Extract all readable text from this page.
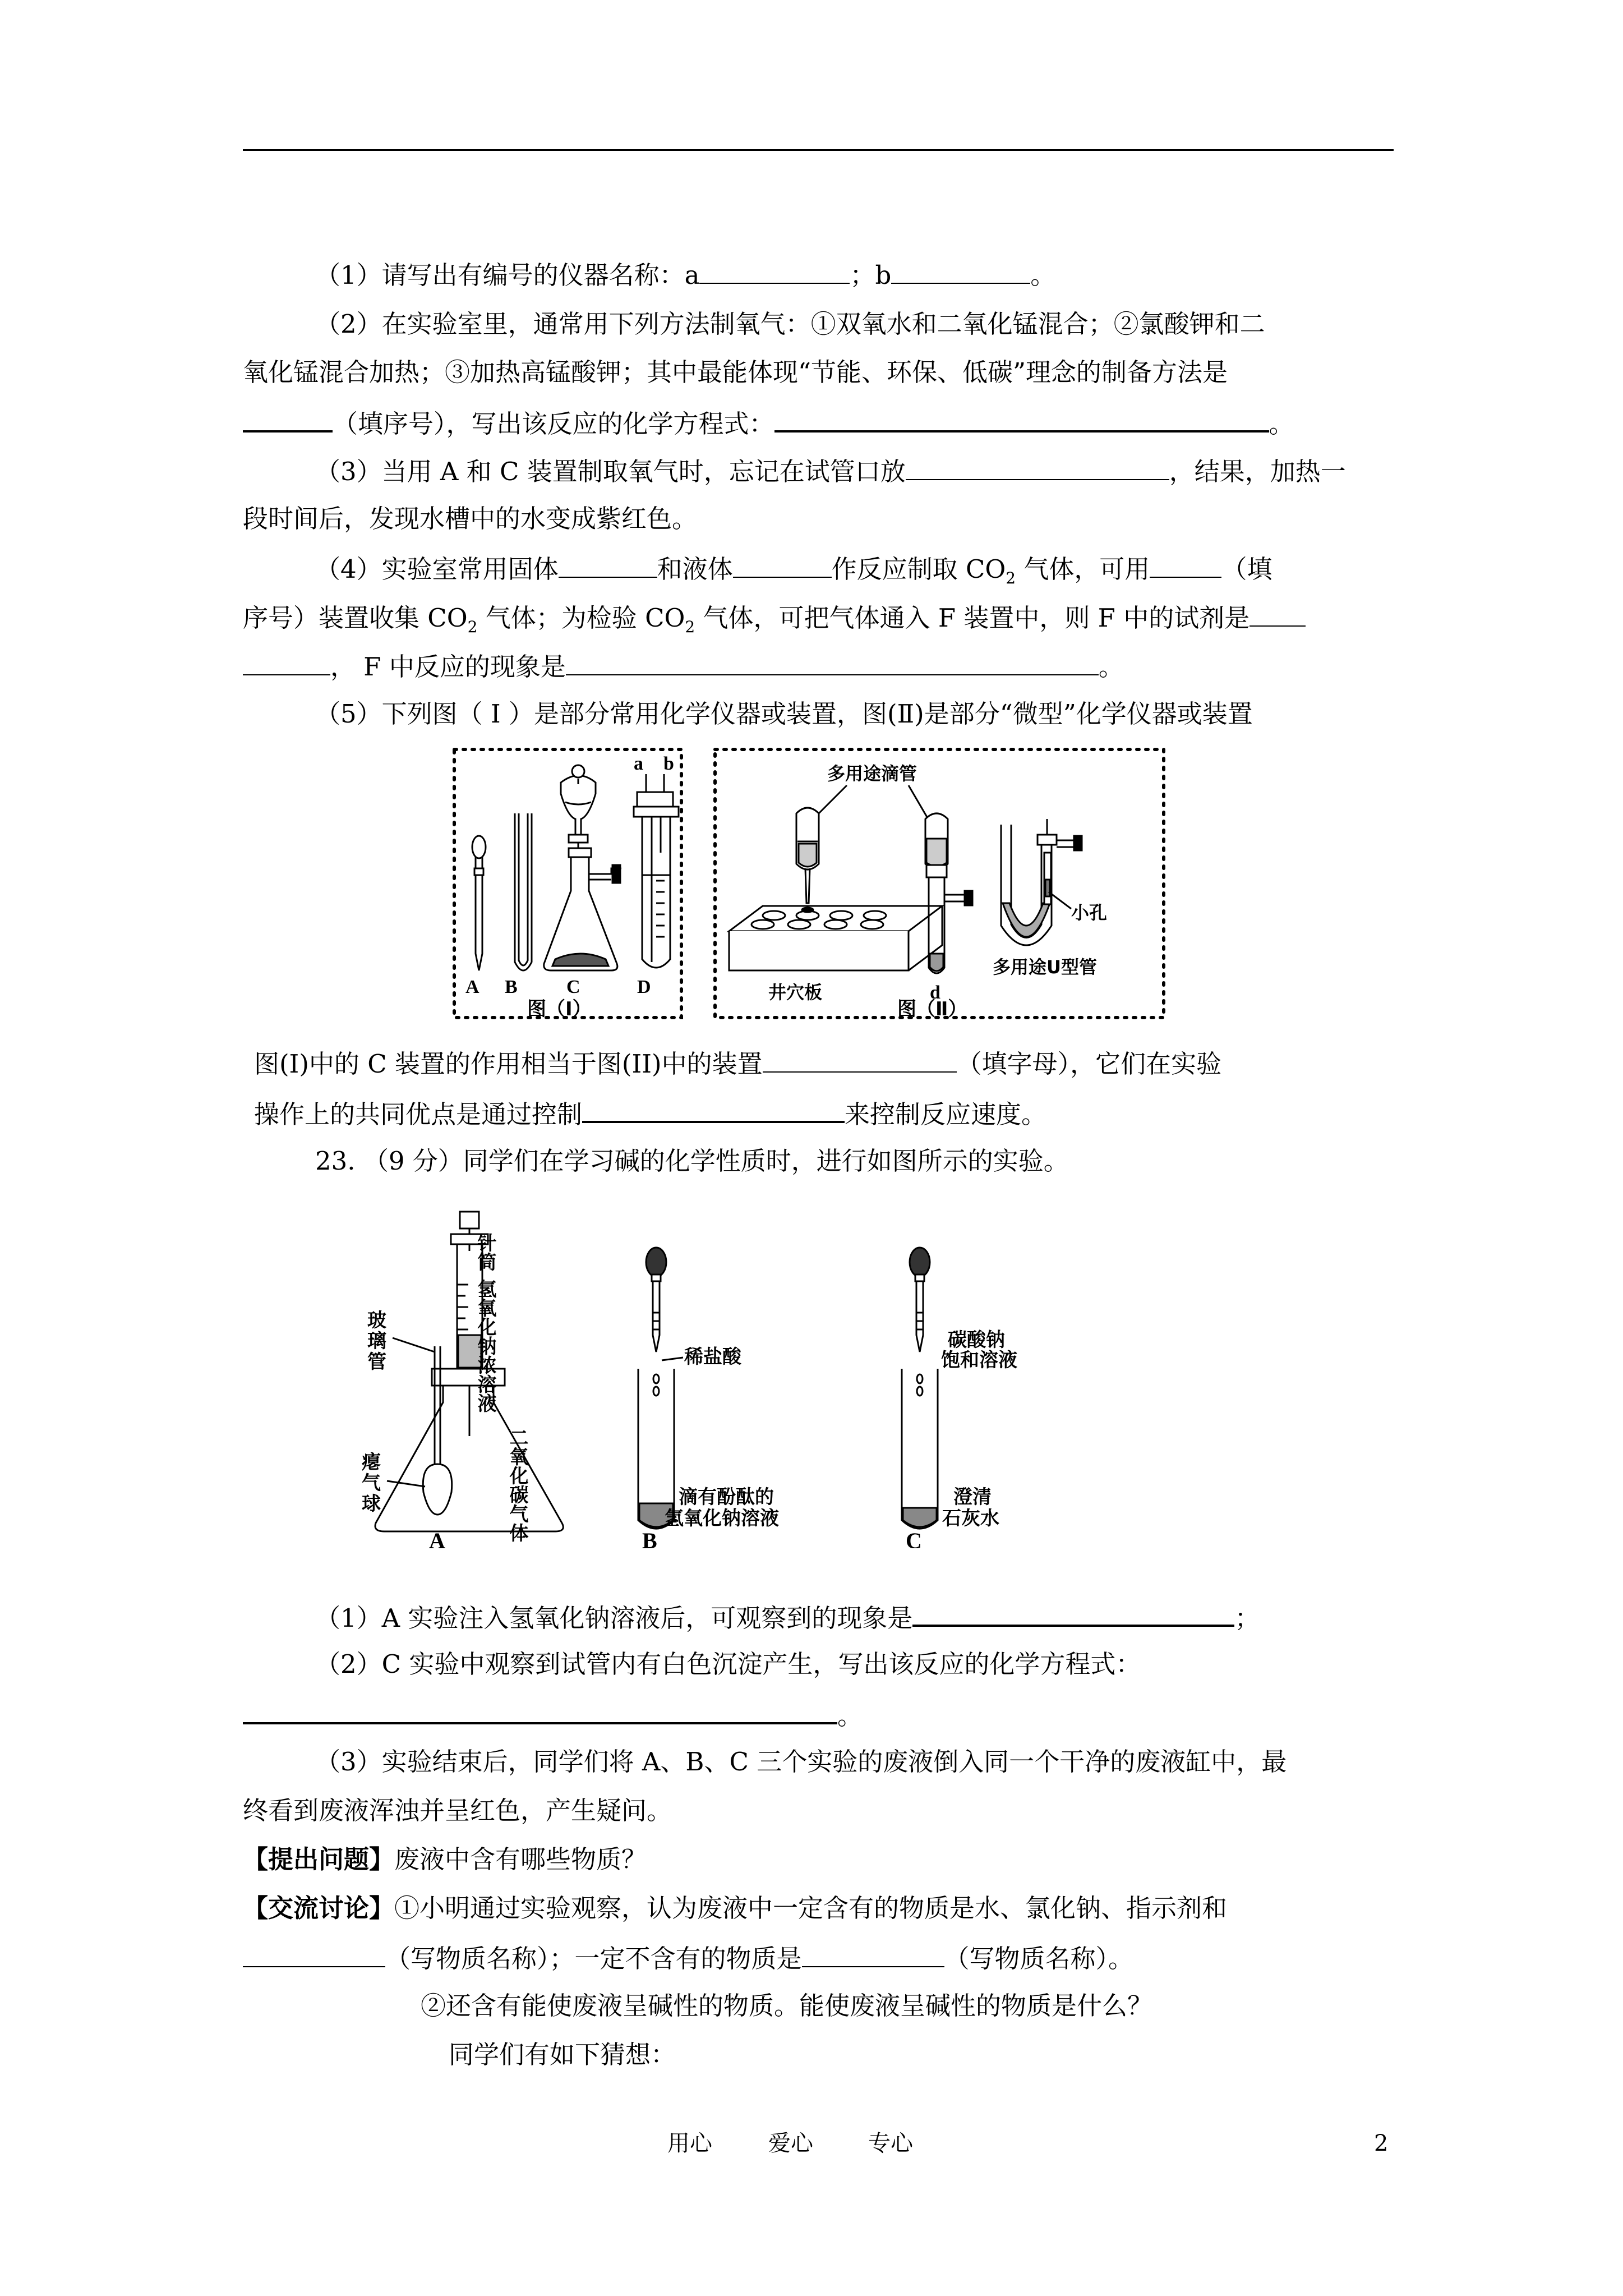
（1）请写出有编号的仪器名称：a	；b	。
（2）在实验室里，通常用下列方法制氧气：①双氧水和二氧化锰混合；②氯酸钾和二
氧化锰混合加热；③加热高锰酸钾；其中最能体现“节能、环保、低碳”理念的制备方法是
（填序号），写出该反应的化学方程式：	。
（3）当用 A 和 C 装置制取氧气时，忘记在试管口放	，结果，加热一
段时间后，发现水槽中的水变成紫红色。
（4）实验室常用固体	和液体	作反应制取 $CO_2$ 气体，可用	（填
序号）装置收集 $CO_2$ 气体；为检验 $CO_2$ 气体，可把气体通入 F 装置中，则 F 中的试剂是
， F 中反应的现象是	。
（5）下列图（ Ⅰ ）是部分常用化学仪器或装置，图(Ⅱ)是部分“微型”化学仪器或装置
a b
A B	C	D
图（Ⅰ）
多用途滴管
井穴板	d
小孔
多用途U型管
图（Ⅱ）
图(I)中的 C 装置的作用相当于图(II)中的装置	（填字母），它们在实验
操作上的共同优点是通过控制	来控制反应速度。
23. （9 分）同学们在学习碱的化学性质时，进行如图所示的实验。
针筒
氢氧化钠浓溶液
玻
璃
管
二氧化碳气体
瘪
气
球
A
稀盐酸
滴有酚酞的
氢氧化钠溶液
B
碳酸钠
饱和溶液
澄清
石灰水
C
（1）A 实验注入氢氧化钠溶液后，可观察到的现象是	；
（2）C 实验中观察到试管内有白色沉淀产生，写出该反应的化学方程式：
。
（3）实验结束后，同学们将 A、B、C 三个实验的废液倒入同一个干净的废液缸中，最
终看到废液浑浊并呈红色，产生疑问。
【提出问题】废液中含有哪些物质？
【交流讨论】①小明通过实验观察，认为废液中一定含有的物质是水、氯化钠、指示剂和
（写物质名称）；一定不含有的物质是	（写物质名称）。
②还含有能使废液呈碱性的物质。能使废液呈碱性的物质是什么？
同学们有如下猜想：
用心	爱心 专心	2
